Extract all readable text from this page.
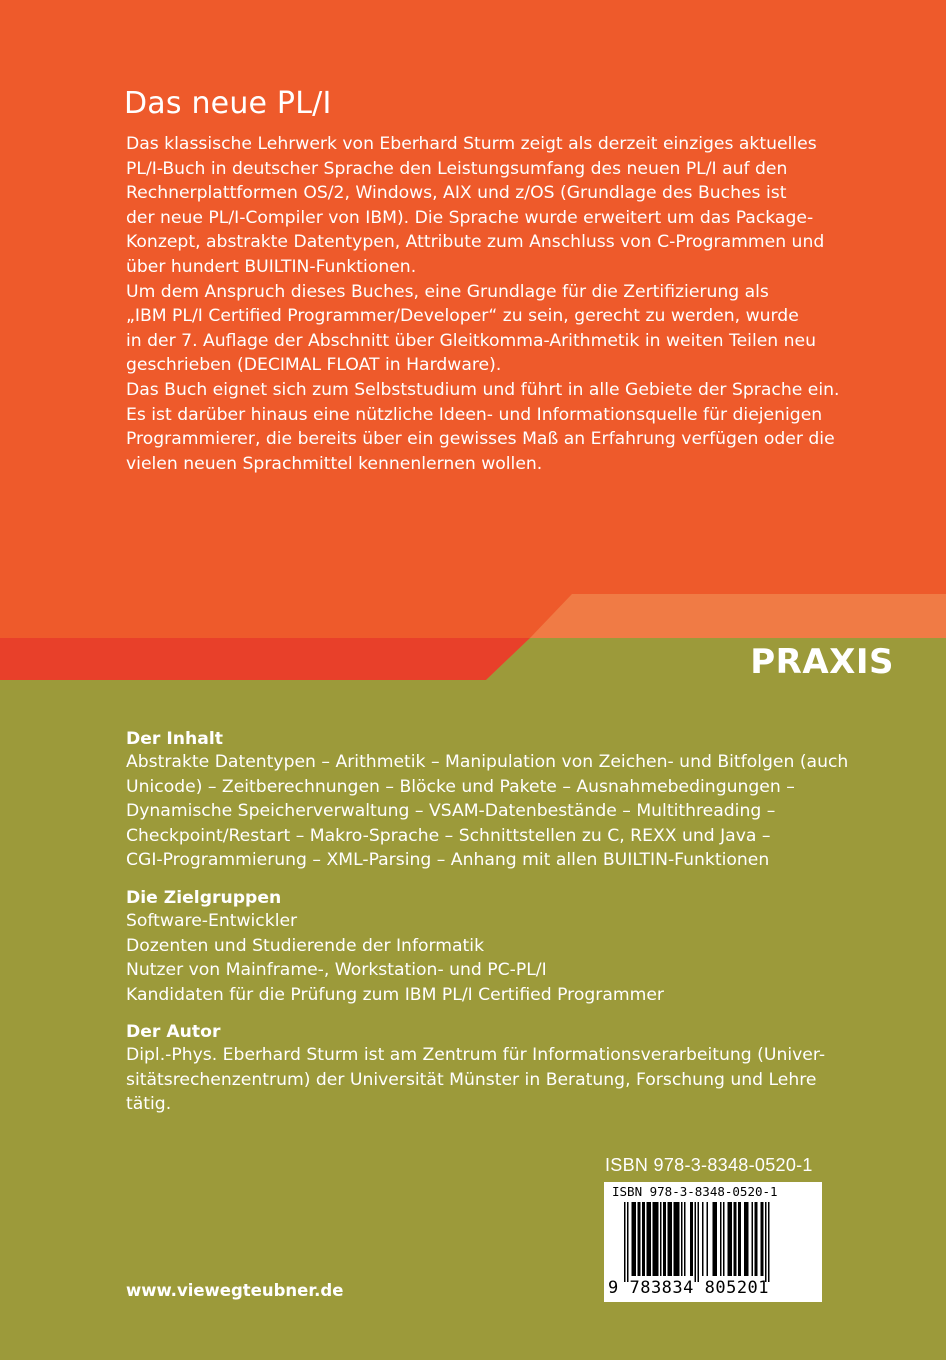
Das neue PL/I
Das klassische Lehrwerk von Eberhard Sturm zeigt als derzeit einziges aktuelles
PL/I-Buch in deutscher Sprache den Leistungsumfang des neuen PL/I auf den
Rechnerplattformen OS/2, Windows, AIX und z/OS (Grundlage des Buches ist
der neue PL/I-Compiler von IBM). Die Sprache wurde erweitert um das Package-
Konzept, abstrakte Datentypen, Attribute zum Anschluss von C-Programmen und
über hundert BUILTIN-Funktionen.
Um dem Anspruch dieses Buches, eine Grundlage für die Zertifizierung als
„IBM PL/I Certified Programmer/Developer“ zu sein, gerecht zu werden, wurde
in der 7. Auflage der Abschnitt über Gleitkomma-Arithmetik in weiten Teilen neu
geschrieben (DECIMAL FLOAT in Hardware).
Das Buch eignet sich zum Selbststudium und führt in alle Gebiete der Sprache ein.
Es ist darüber hinaus eine nützliche Ideen- und Informationsquelle für diejenigen
Programmierer, die bereits über ein gewisses Maß an Erfahrung verfügen oder die
vielen neuen Sprachmittel kennenlernen wollen.
PRAXIS
Der Inhalt
Abstrakte Datentypen – Arithmetik – Manipulation von Zeichen- und Bitfolgen (auch
Unicode) – Zeitberechnungen – Blöcke und Pakete – Ausnahmebedingungen –
Dynamische Speicherverwaltung – VSAM-Datenbestände – Multithreading –
Checkpoint/Restart – Makro-Sprache – Schnittstellen zu C, REXX und Java –
CGI-Programmierung – XML-Parsing – Anhang mit allen BUILTIN-Funktionen
Die Zielgruppen
Software-Entwickler
Dozenten und Studierende der Informatik
Nutzer von Mainframe-, Workstation- und PC-PL/I
Kandidaten für die Prüfung zum IBM PL/I Certified Programmer
Der Autor
Dipl.-Phys. Eberhard Sturm ist am Zentrum für Informationsverarbeitung (Univer-
sitätsrechenzentrum) der Universität Münster in Beratung, Forschung und Lehre
tätig.
ISBN 978-3-8348-0520-1
ISBN 978-3-8348-0520-1
9 783834 805201
www.viewegteubner.de
